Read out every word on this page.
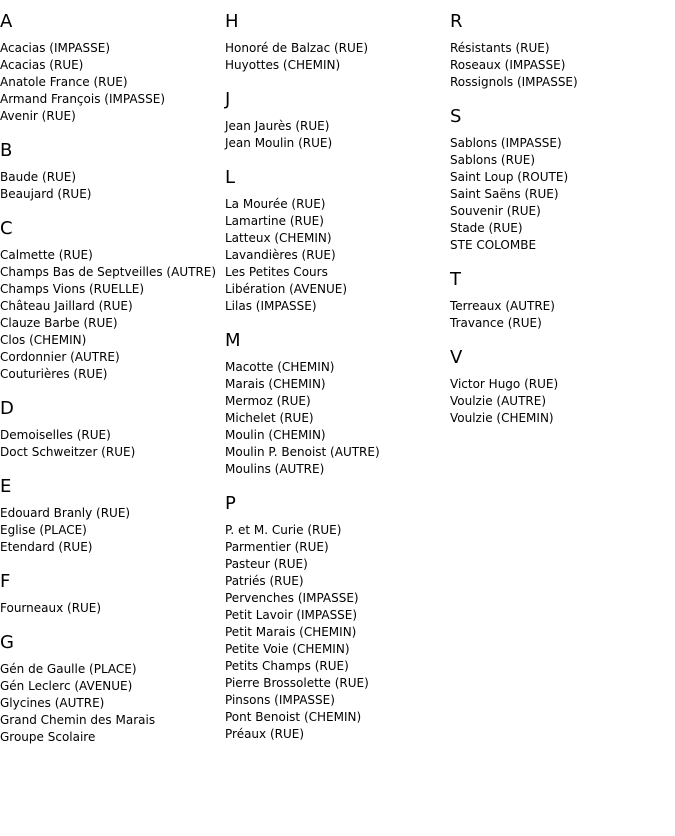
A
Acacias (IMPASSE)
Acacias (RUE)
Anatole France (RUE)
Armand François (IMPASSE)
Avenir (RUE)
B
Baude (RUE)
Beaujard (RUE)
C
Calmette (RUE)
Champs Bas de Septveilles (AUTRE)
Champs Vions (RUELLE)
Château Jaillard (RUE)
Clauze Barbe (RUE)
Clos (CHEMIN)
Cordonnier (AUTRE)
Couturières (RUE)
D
Demoiselles (RUE)
Doct Schweitzer (RUE)
E
Edouard Branly (RUE)
Eglise (PLACE)
Etendard (RUE)
F
Fourneaux (RUE)
G
Gén de Gaulle (PLACE)
Gén Leclerc (AVENUE)
Glycines (AUTRE)
Grand Chemin des Marais
Groupe Scolaire
H
Honoré de Balzac (RUE)
Huyottes (CHEMIN)
J
Jean Jaurès (RUE)
Jean Moulin (RUE)
L
La Mourée (RUE)
Lamartine (RUE)
Latteux (CHEMIN)
Lavandières (RUE)
Les Petites Cours
Libération (AVENUE)
Lilas (IMPASSE)
M
Macotte (CHEMIN)
Marais (CHEMIN)
Mermoz (RUE)
Michelet (RUE)
Moulin (CHEMIN)
Moulin P. Benoist (AUTRE)
Moulins (AUTRE)
P
P. et M. Curie (RUE)
Parmentier (RUE)
Pasteur (RUE)
Patriés (RUE)
Pervenches (IMPASSE)
Petit Lavoir (IMPASSE)
Petit Marais (CHEMIN)
Petite Voie (CHEMIN)
Petits Champs (RUE)
Pierre Brossolette (RUE)
Pinsons (IMPASSE)
Pont Benoist (CHEMIN)
Préaux (RUE)
R
Résistants (RUE)
Roseaux (IMPASSE)
Rossignols (IMPASSE)
S
Sablons (IMPASSE)
Sablons (RUE)
Saint Loup (ROUTE)
Saint Saëns (RUE)
Souvenir (RUE)
Stade (RUE)
STE COLOMBE
T
Terreaux (AUTRE)
Travance (RUE)
V
Victor Hugo (RUE)
Voulzie (AUTRE)
Voulzie (CHEMIN)
